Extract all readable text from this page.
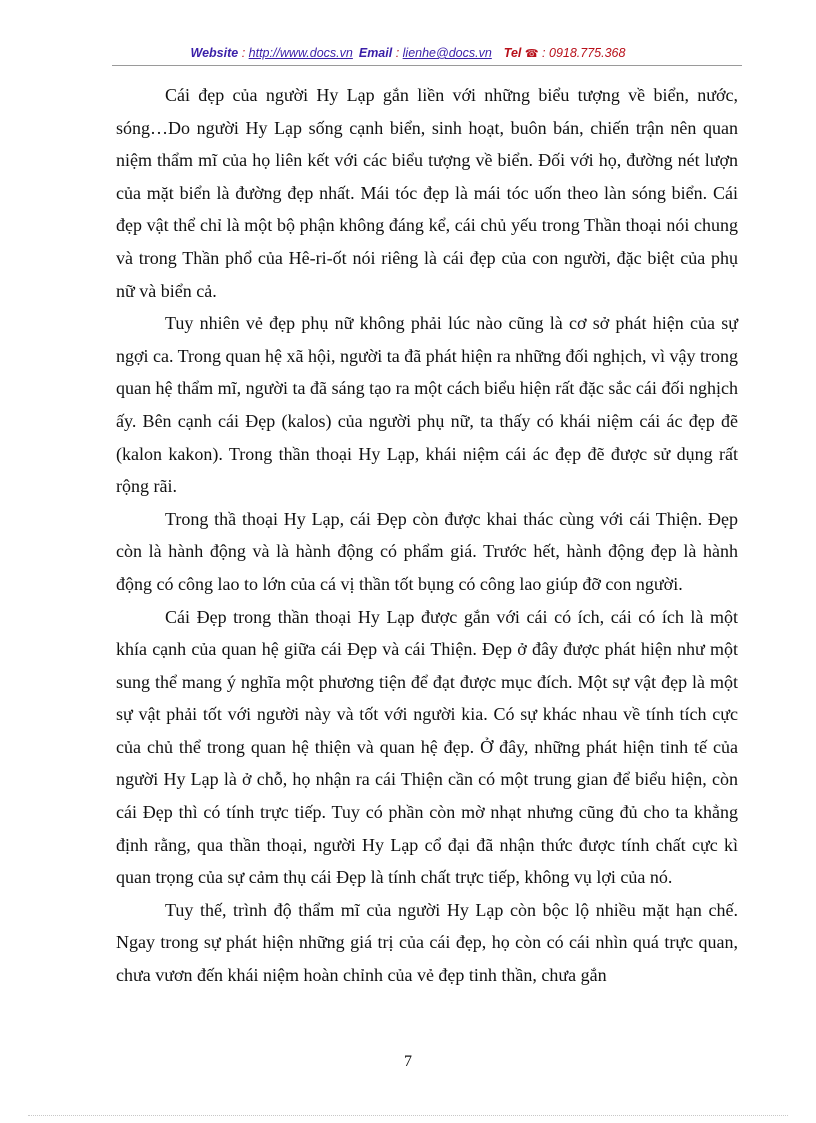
Website : http://www.docs.vn Email : lienhe@docs.vn Tel ☎ : 0918.775.368

Cái đẹp của người Hy Lạp gắn liền với những biểu tượng về biển, nước, sóng…Do người Hy Lạp sống cạnh biển, sinh hoạt, buôn bán, chiến trận nên quan niệm thẩm mĩ của họ liên kết với các biểu tượng về biển. Đối với họ, đường nét lượn của mặt biển là đường đẹp nhất. Mái tóc đẹp là mái tóc uốn theo làn sóng biển. Cái đẹp vật thể chỉ là một bộ phận không đáng kể, cái chủ yếu trong Thần thoại nói chung và trong Thần phổ của Hê-ri-ốt nói riêng là cái đẹp của con người, đặc biệt của phụ nữ và biển cả.

Tuy nhiên vẻ đẹp phụ nữ không phải lúc nào cũng là cơ sở phát hiện của sự ngợi ca. Trong quan hệ xã hội, người ta đã phát hiện ra những đối nghịch, vì vậy trong quan hệ thẩm mĩ, người ta đã sáng tạo ra một cách biểu hiện rất đặc sắc cái đối nghịch ấy. Bên cạnh cái Đẹp (kalos) của người phụ nữ, ta thấy có khái niệm cái ác đẹp đẽ (kalon kakon). Trong thần thoại Hy Lạp, khái niệm cái ác đẹp đẽ được sử dụng rất rộng rãi.

Trong thầ thoại Hy Lạp, cái Đẹp còn được khai thác cùng với cái Thiện. Đẹp còn là hành động và là hành động có phẩm giá. Trước hết, hành động đẹp là hành động có công lao to lớn của cá vị thần tốt bụng có công lao giúp đỡ con người.

Cái Đẹp trong thần thoại Hy Lạp được gắn với cái có ích, cái có ích là một khía cạnh của quan hệ giữa cái Đẹp và cái Thiện. Đẹp ở đây được phát hiện như một sung thể mang ý nghĩa một phương tiện để đạt được mục đích. Một sự vật đẹp là một sự vật phải tốt với người này và tốt với người kia. Có sự khác nhau về tính tích cực của chủ thể trong quan hệ thiện và quan hệ đẹp. Ở đây, những phát hiện tinh tế của người Hy Lạp là ở chỗ, họ nhận ra cái Thiện cần có một trung gian để biểu hiện, còn cái Đẹp thì có tính trực tiếp. Tuy có phần còn mờ nhạt nhưng cũng đủ cho ta khẳng định rằng, qua thần thoại, người Hy Lạp cổ đại đã nhận thức được tính chất cực kì quan trọng của sự cảm thụ cái Đẹp là tính chất trực tiếp, không vụ lợi của nó.

Tuy thế, trình độ thẩm mĩ của người Hy Lạp còn bộc lộ nhiều mặt hạn chế. Ngay trong sự phát hiện những giá trị của cái đẹp, họ còn có cái nhìn quá trực quan, chưa vươn đến khái niệm hoàn chỉnh của vẻ đẹp tinh thần, chưa gắn

7
